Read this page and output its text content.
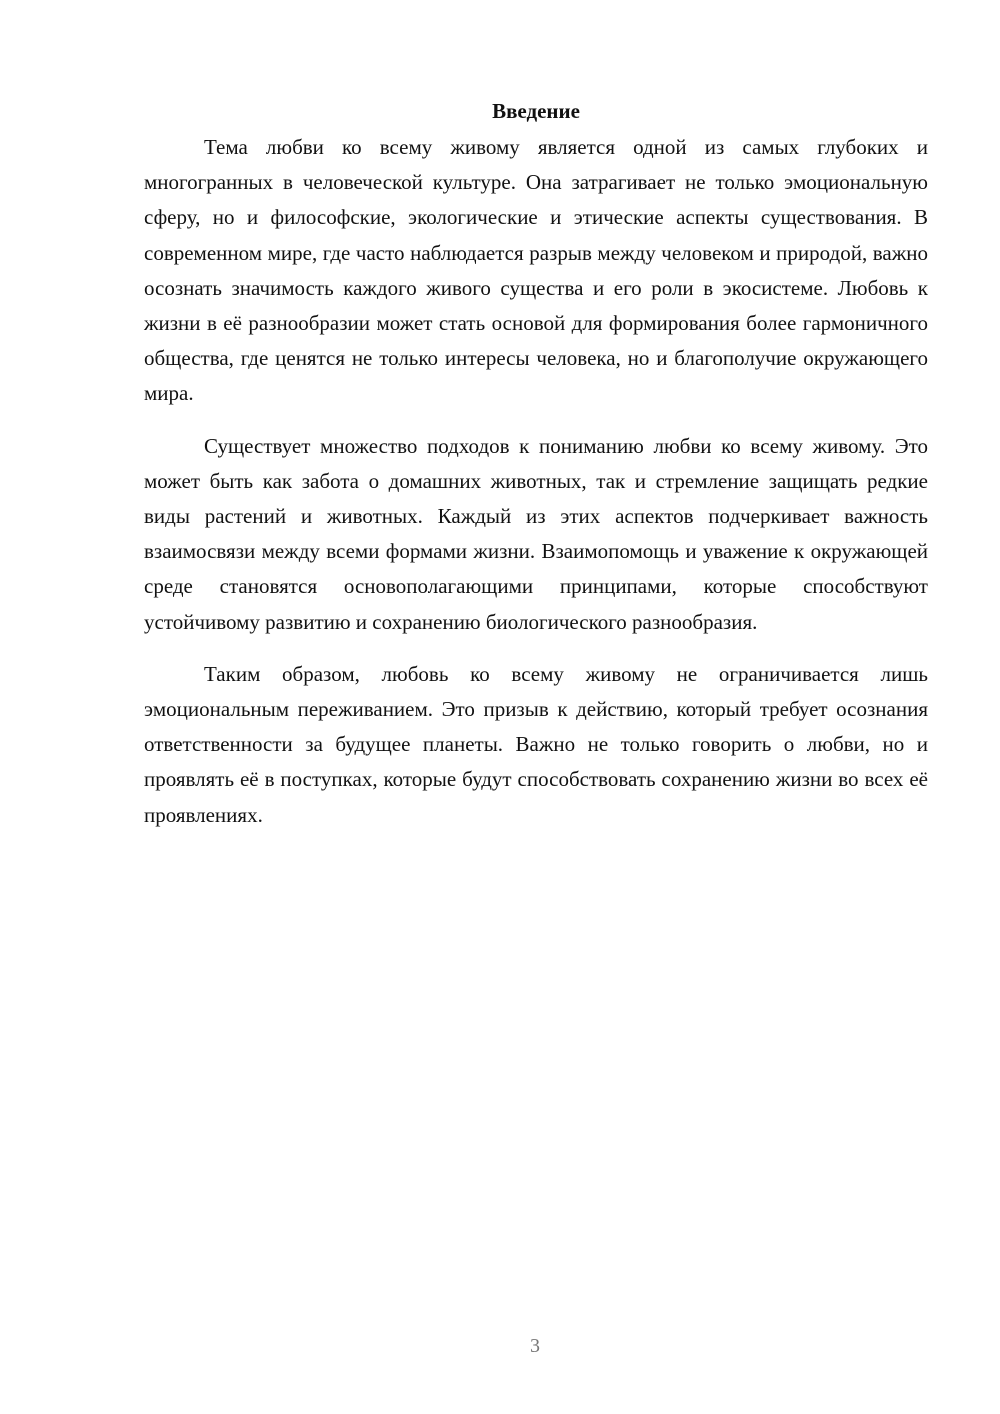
Введение

Тема любви ко всему живому является одной из самых глубоких и многогранных в человеческой культуре. Она затрагивает не только эмоциональную сферу, но и философские, экологические и этические аспекты существования. В современном мире, где часто наблюдается разрыв между человеком и природой, важно осознать значимость каждого живого существа и его роли в экосистеме. Любовь к жизни в её разнообразии может стать основой для формирования более гармоничного общества, где ценятся не только интересы человека, но и благополучие окружающего мира.

Существует множество подходов к пониманию любви ко всему живому. Это может быть как забота о домашних животных, так и стремление защищать редкие виды растений и животных. Каждый из этих аспектов подчеркивает важность взаимосвязи между всеми формами жизни. Взаимопомощь и уважение к окружающей среде становятся основополагающими принципами, которые способствуют устойчивому развитию и сохранению биологического разнообразия.

Таким образом, любовь ко всему живому не ограничивается лишь эмоциональным переживанием. Это призыв к действию, который требует осознания ответственности за будущее планеты. Важно не только говорить о любви, но и проявлять её в поступках, которые будут способствовать сохранению жизни во всех её проявлениях.

3
